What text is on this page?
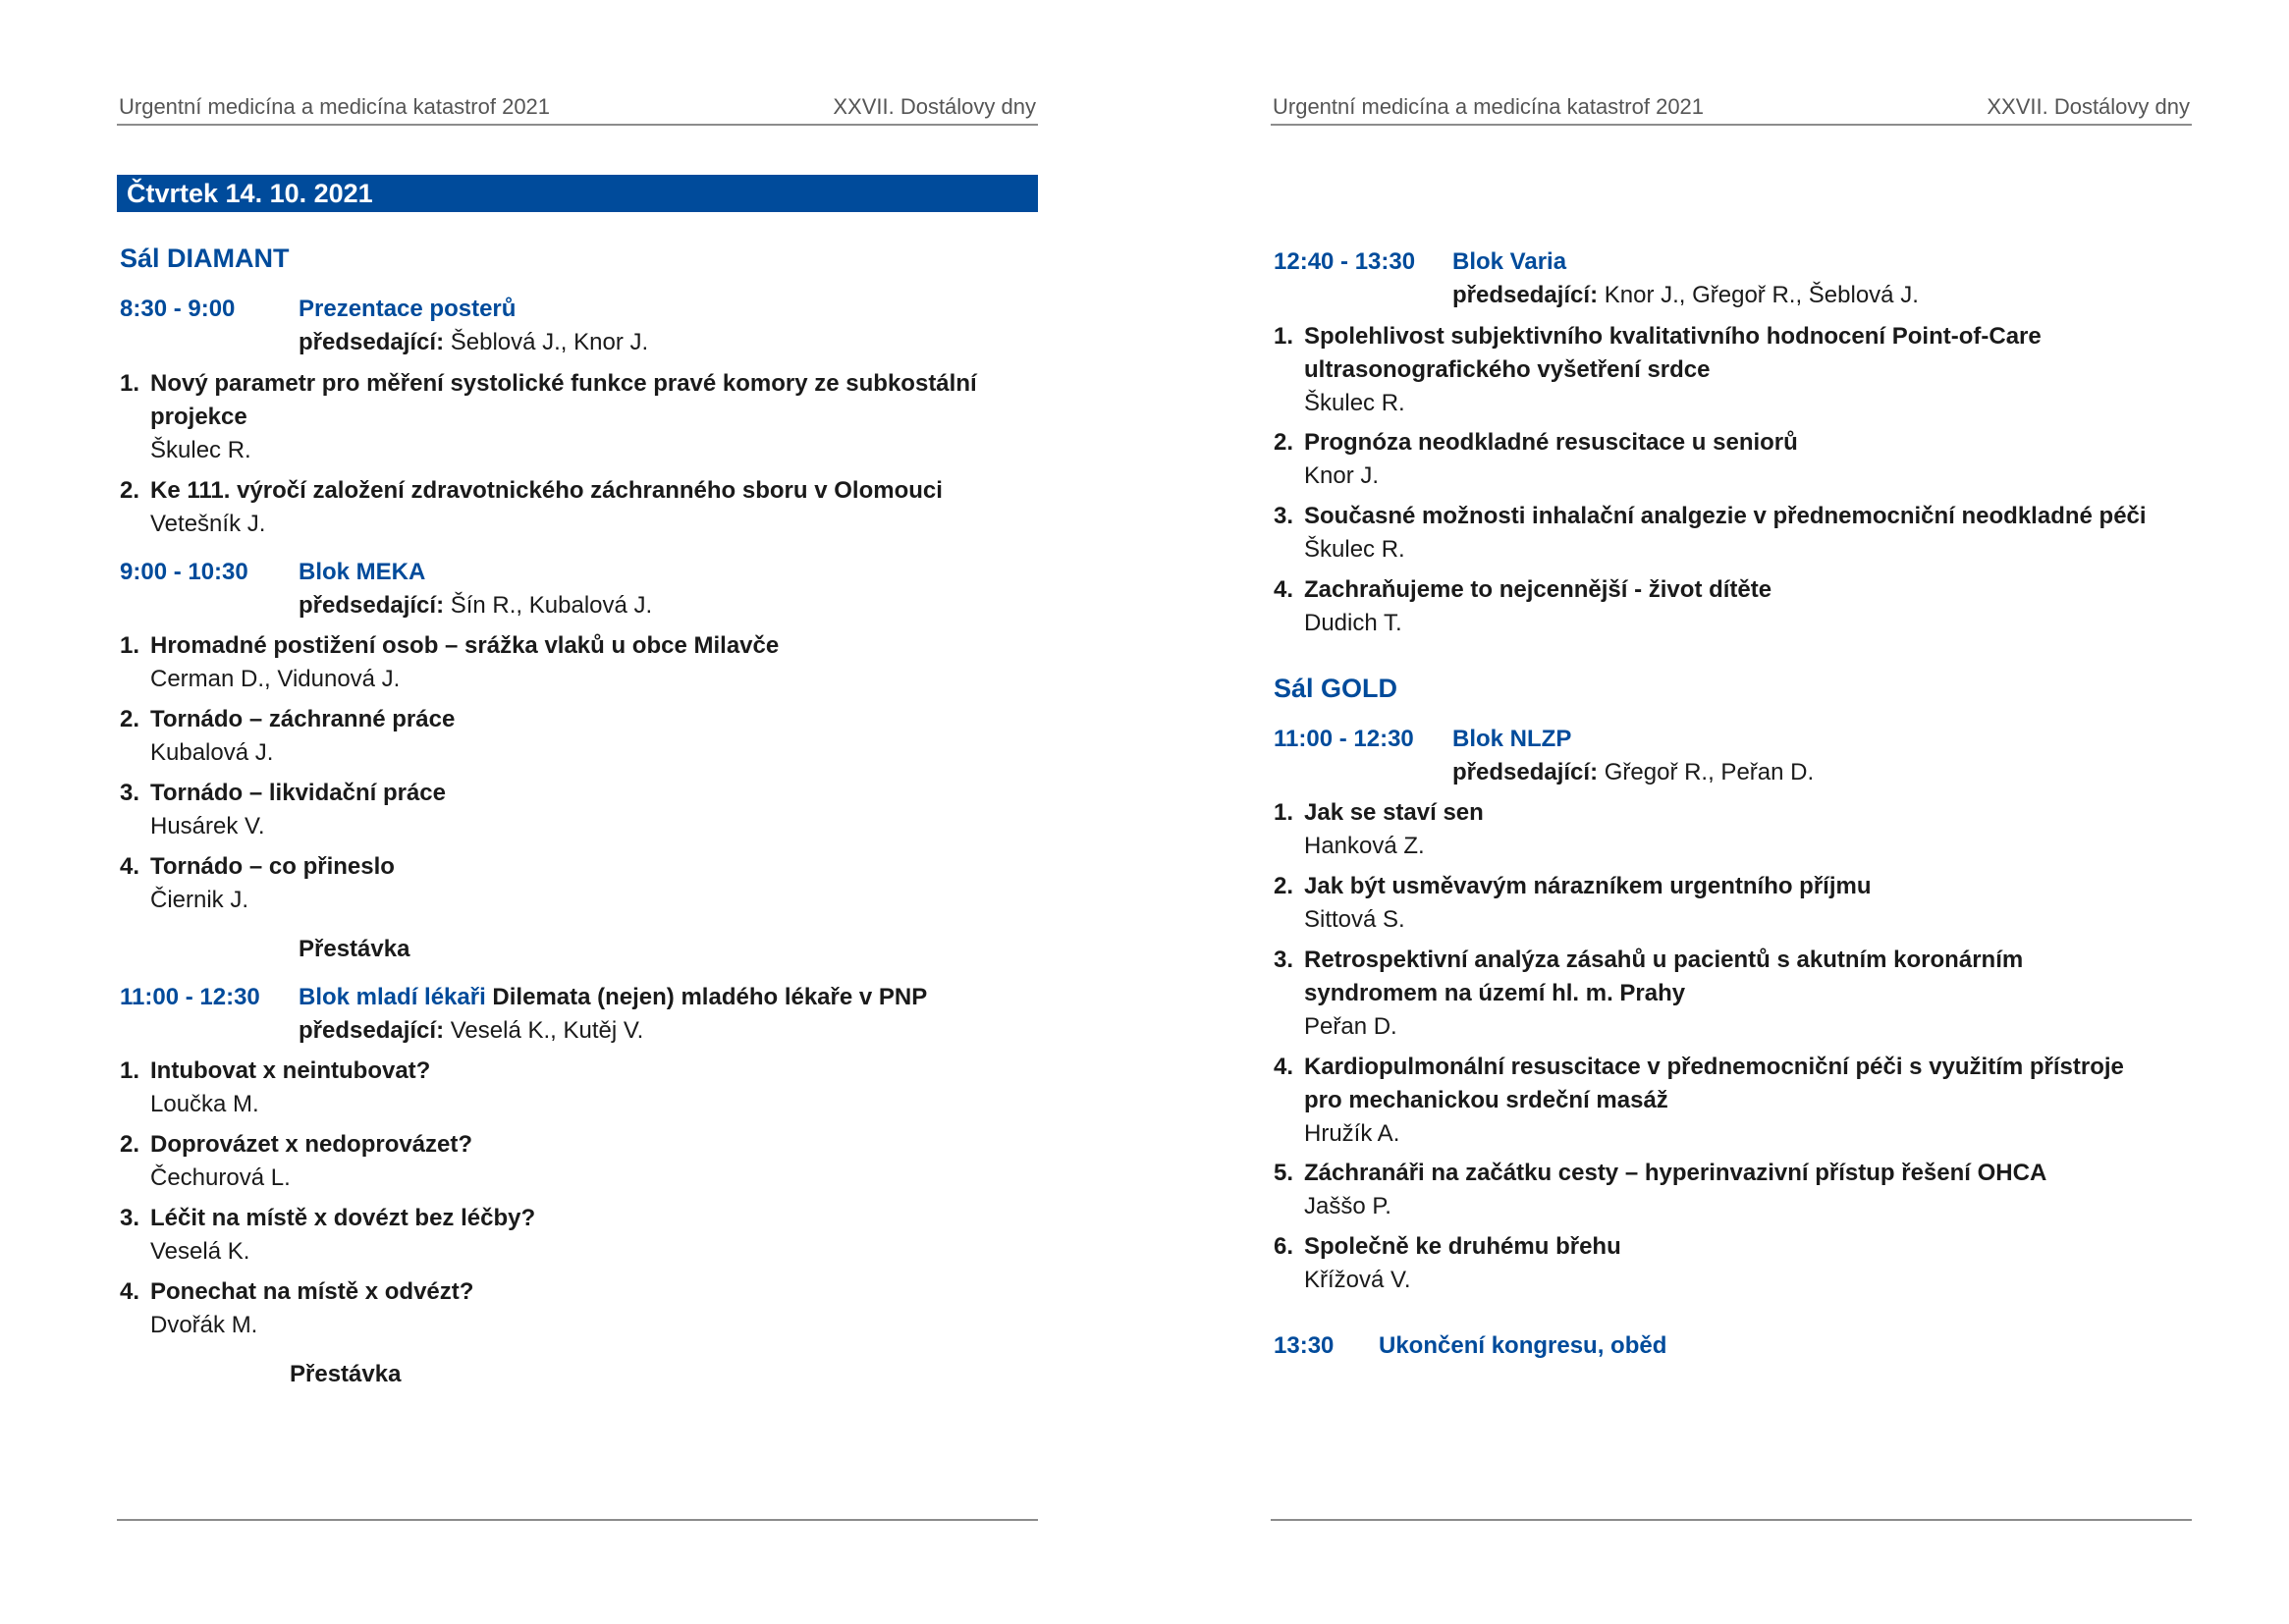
Urgentní medicína a medicína katastrof 2021	XXVII. Dostálovy dny
Čtvrtek 14. 10. 2021
Sál DIAMANT
8:30 - 9:00	Prezentace posterů
předsedající: Šeblová J., Knor J.
1. Nový parametr pro měření systolické funkce pravé komory ze subkostální projekce
Škulec R.
2. Ke 111. výročí založení zdravotnického záchranného sboru v Olomouci
Vetešník J.
9:00 - 10:30 Blok MEKA
předsedající: Šín R., Kubalová J.
1. Hromadné postižení osob – srážka vlaků u obce Milavče
Cerman D., Vidunová J.
2. Tornádo – záchranné práce
Kubalová J.
3. Tornádo – likvidační práce
Husárek V.
4. Tornádo – co přineslo
Čiernik J.
Přestávka
11:00 - 12:30 Blok mladí lékaři Dilemata (nejen) mladého lékaře v PNP
předsedající: Veselá K., Kutěj V.
1. Intubovat x neintubovat?
Loučka M.
2. Doprovázet x nedoprovázet?
Čechurová L.
3. Léčit na místě x dovézt bez léčby?
Veselá K.
4. Ponechat na místě x odvézt?
Dvořák M.
Přestávka
Urgentní medicína a medicína katastrof 2021	XXVII. Dostálovy dny
12:40 - 13:30 Blok Varia
předsedající: Knor J., Gřegoř R., Šeblová J.
1. Spolehlivost subjektivního kvalitativního hodnocení Point-of-Care ultrasonografického vyšetření srdce
Škulec R.
2. Prognóza neodkladné resuscitace u seniorů
Knor J.
3. Současné možnosti inhalační analgezie v přednemocniční neodkladné péči
Škulec R.
4. Zachraňujeme to nejcennější - život dítěte
Dudich T.
Sál GOLD
11:00 - 12:30 Blok NLZP
předsedající: Gřegoř R., Peřan D.
1. Jak se staví sen
Hanková Z.
2. Jak být usměvavým nárazníkem urgentního příjmu
Sittová S.
3. Retrospektivní analýza zásahů u pacientů s akutním koronárním syndromem na území hl. m. Prahy
Peřan D.
4. Kardiopulmonální resuscitace v přednemocniční péči s využitím přístroje pro mechanickou srdeční masáž
Hružík A.
5. Záchranáři na začátku cesty – hyperinvazivní přístup řešení OHCA
Jaššo P.
6. Společně ke druhému břehu
Křížová V.
13:30 Ukončení kongresu, oběd
